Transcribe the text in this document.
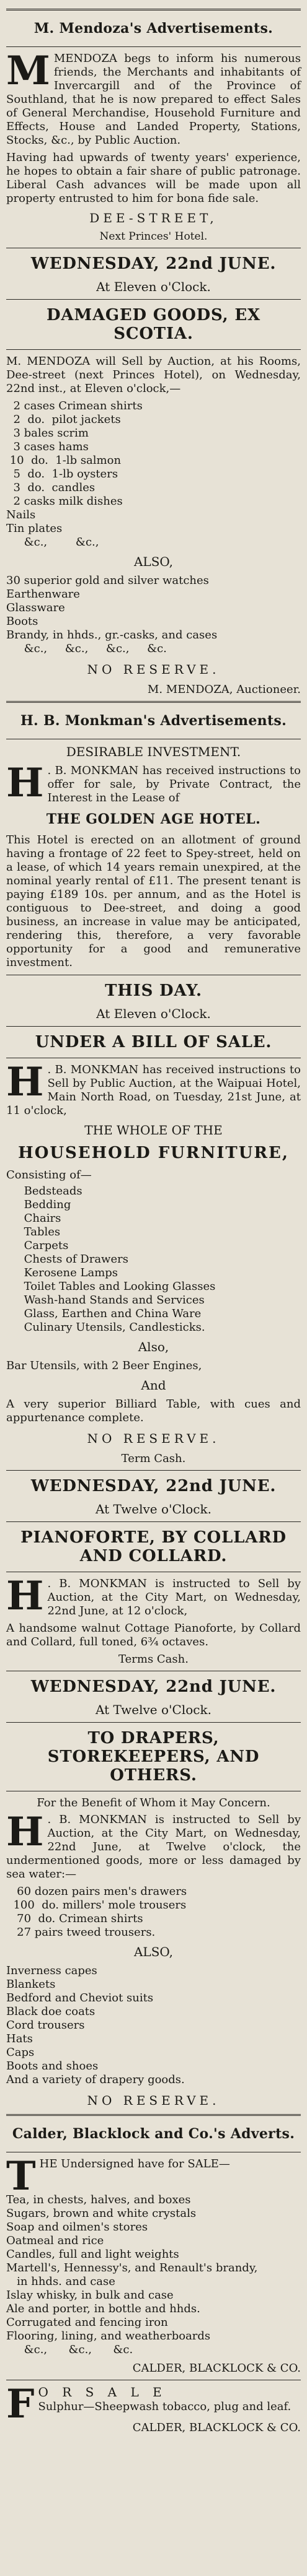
M. Mendoza's Advertisements.
M MENDOZA begs to inform his numerous friends, the Merchants and inhabitants of Invercargill and of the Province of Southland, that he is now prepared to effect Sales of General Merchandise, Household Furniture and Effects, House and Landed Property, Stations, Stocks, &c., by Public Auction.
Having had upwards of twenty years' experience, he hopes to obtain a fair share of public patronage. Liberal Cash advances will be made upon all property entrusted to him for bona fide sale.
DEE-STREET,
Next Princes' Hotel.
WEDNESDAY, 22nd JUNE.
At Eleven o'Clock.
DAMAGED GOODS, EX SCOTIA.
M. MENDOZA will Sell by Auction, at his Rooms, Dee-street (next Princes Hotel), on Wednesday, 22nd inst., at Eleven o'clock,—
2 cases Crimean shirts
2  do.  pilot jackets
3 bales scrim
3 cases hams
10  do.  1-lb salmon
5  do.  1-lb oysters
3  do.  candles
2 casks milk dishes
Nails
Tin plates
&c.,        &c.,
ALSO,
30 superior gold and silver watches
Earthenware
Glassware
Boots
Brandy, in hhds., gr.-casks, and cases
&c.,     &c.,     &c.,     &c.
NO RESERVE.
M. MENDOZA, Auctioneer.
H. B. Monkman's Advertisements.
DESIRABLE INVESTMENT.
H . B. MONKMAN has received instructions to offer for sale, by Private Contract, the Interest in the Lease of
THE GOLDEN AGE HOTEL.
This Hotel is erected on an allotment of ground having a frontage of 22 feet to Spey-street, held on a lease, of which 14 years remain unexpired, at the nominal yearly rental of £11. The present tenant is paying £189 10s. per annum, and as the Hotel is contiguous to Dee-street, and doing a good business, an increase in value may be anticipated, rendering this, therefore, a very favorable opportunity for a good and remunerative investment.
THIS DAY.
At Eleven o'Clock.
UNDER A BILL OF SALE.
H . B. MONKMAN has received instructions to Sell by Public Auction, at the Waipuai Hotel, Main North Road, on Tuesday, 21st June, at 11 o'clock,
THE WHOLE OF THE
HOUSEHOLD FURNITURE,
Consisting of—
Bedsteads
Bedding
Chairs
Tables
Carpets
Chests of Drawers
Kerosene Lamps
Toilet Tables and Looking Glasses
Wash-hand Stands and Services
Glass, Earthen and China Ware
Culinary Utensils, Candlesticks.
Also,
Bar Utensils, with 2 Beer Engines,
And
A very superior Billiard Table, with cues and appurtenance complete.
NO RESERVE.
Term Cash.
WEDNESDAY, 22nd JUNE.
At Twelve o'Clock.
PIANOFORTE, BY COLLARD AND COLLARD.
H . B. MONKMAN is instructed to Sell by Auction, at the City Mart, on Wednesday, 22nd June, at 12 o'clock,
A handsome walnut Cottage Pianoforte, by Collard and Collard, full toned, 6¾ octaves.
Terms Cash.
WEDNESDAY, 22nd JUNE.
At Twelve o'Clock.
TO DRAPERS, STOREKEEPERS, AND OTHERS.
For the Benefit of Whom it May Concern.
H . B. MONKMAN is instructed to Sell by Auction, at the City Mart, on Wednesday, 22nd June, at Twelve o'clock, the undermentioned goods, more or less damaged by sea water:—
60 dozen pairs men's drawers
100  do. millers' mole trousers
70  do. Crimean shirts
27 pairs tweed trousers.
ALSO,
Inverness capes
Blankets
Bedford and Cheviot suits
Black doe coats
Cord trousers
Hats
Caps
Boots and shoes
And a variety of drapery goods.
NO RESERVE.
Calder, Blacklock and Co.'s Adverts.
T HE Undersigned have for SALE—
Tea, in chests, halves, and boxes
Sugars, brown and white crystals
Soap and oilmen's stores
Oatmeal and rice
Candles, full and light weights
Martell's, Hennessy's, and Renault's brandy,
in hhds. and case
Islay whisky, in bulk and case
Ale and porter, in bottle and hhds.
Corrugated and fencing iron
Flooring, lining, and weatherboards
&c.,      &c.,      &c.
CALDER, BLACKLOCK & CO.
F O R S A L E
Sulphur—Sheepwash tobacco, plug and leaf.
CALDER, BLACKLOCK & CO.
